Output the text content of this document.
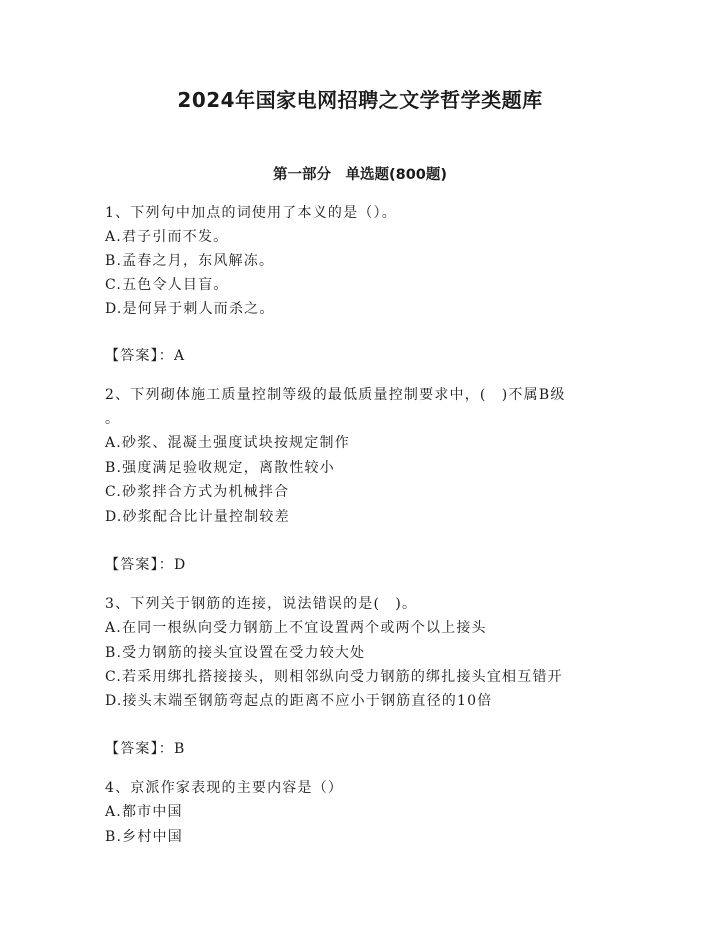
2024年国家电网招聘之文学哲学类题库
第一部分　单选题(800题)
1、下列句中加点的词使用了本义的是（）。
A.君子引而不发。
B.孟春之月，东风解冻。
C.五色令人目盲。
D.是何异于刺人而杀之。
【答案】：A
2、下列砌体施工质量控制等级的最低质量控制要求中，(　)不属B级
。
A.砂浆、混凝土强度试块按规定制作
B.强度满足验收规定，离散性较小
C.砂浆拌合方式为机械拌合
D.砂浆配合比计量控制较差
【答案】：D
3、下列关于钢筋的连接，说法错误的是(　)。
A.在同一根纵向受力钢筋上不宜设置两个或两个以上接头
B.受力钢筋的接头宜设置在受力较大处
C.若采用绑扎搭接接头，则相邻纵向受力钢筋的绑扎接头宜相互错开
D.接头末端至钢筋弯起点的距离不应小于钢筋直径的10倍
【答案】：B
4、京派作家表现的主要内容是（）
A.都市中国
B.乡村中国
